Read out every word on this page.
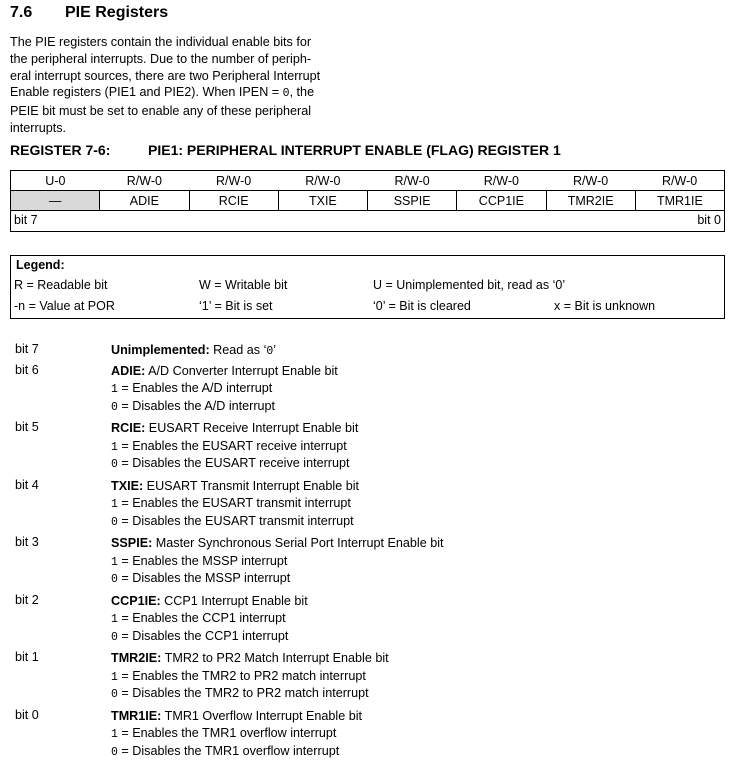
7.6 PIE Registers
The PIE registers contain the individual enable bits for
the peripheral interrupts. Due to the number of periph-
eral interrupt sources, there are two Peripheral Interrupt
Enable registers (PIE1 and PIE2). When IPEN = 0, the
PEIE bit must be set to enable any of these peripheral
interrupts.
REGISTER 7-6:	PIE1: PERIPHERAL INTERRUPT ENABLE (FLAG) REGISTER 1
U-0	R/W-0	R/W-0	R/W-0	R/W-0	R/W-0	R/W-0	R/W-0
—	ADIE	RCIE	TXIE	SSPIE	CCP1IE	TMR2IE	TMR1IE
bit 7	bit 0
Legend:
R = Readable bit	W = Writable bit	U = Unimplemented bit, read as ‘0’
-n = Value at POR	‘1’ = Bit is set	‘0’ = Bit is cleared	x = Bit is unknown
bit 7	Unimplemented: Read as ‘0’
bit 6	ADIE: A/D Converter Interrupt Enable bit
1 = Enables the A/D interrupt
0 = Disables the A/D interrupt
bit 5	RCIE: EUSART Receive Interrupt Enable bit
1 = Enables the EUSART receive interrupt
0 = Disables the EUSART receive interrupt
bit 4	TXIE: EUSART Transmit Interrupt Enable bit
1 = Enables the EUSART transmit interrupt
0 = Disables the EUSART transmit interrupt
bit 3	SSPIE: Master Synchronous Serial Port Interrupt Enable bit
1 = Enables the MSSP interrupt
0 = Disables the MSSP interrupt
bit 2	CCP1IE: CCP1 Interrupt Enable bit
1 = Enables the CCP1 interrupt
0 = Disables the CCP1 interrupt
bit 1	TMR2IE: TMR2 to PR2 Match Interrupt Enable bit
1 = Enables the TMR2 to PR2 match interrupt
0 = Disables the TMR2 to PR2 match interrupt
bit 0	TMR1IE: TMR1 Overflow Interrupt Enable bit
1 = Enables the TMR1 overflow interrupt
0 = Disables the TMR1 overflow interrupt
